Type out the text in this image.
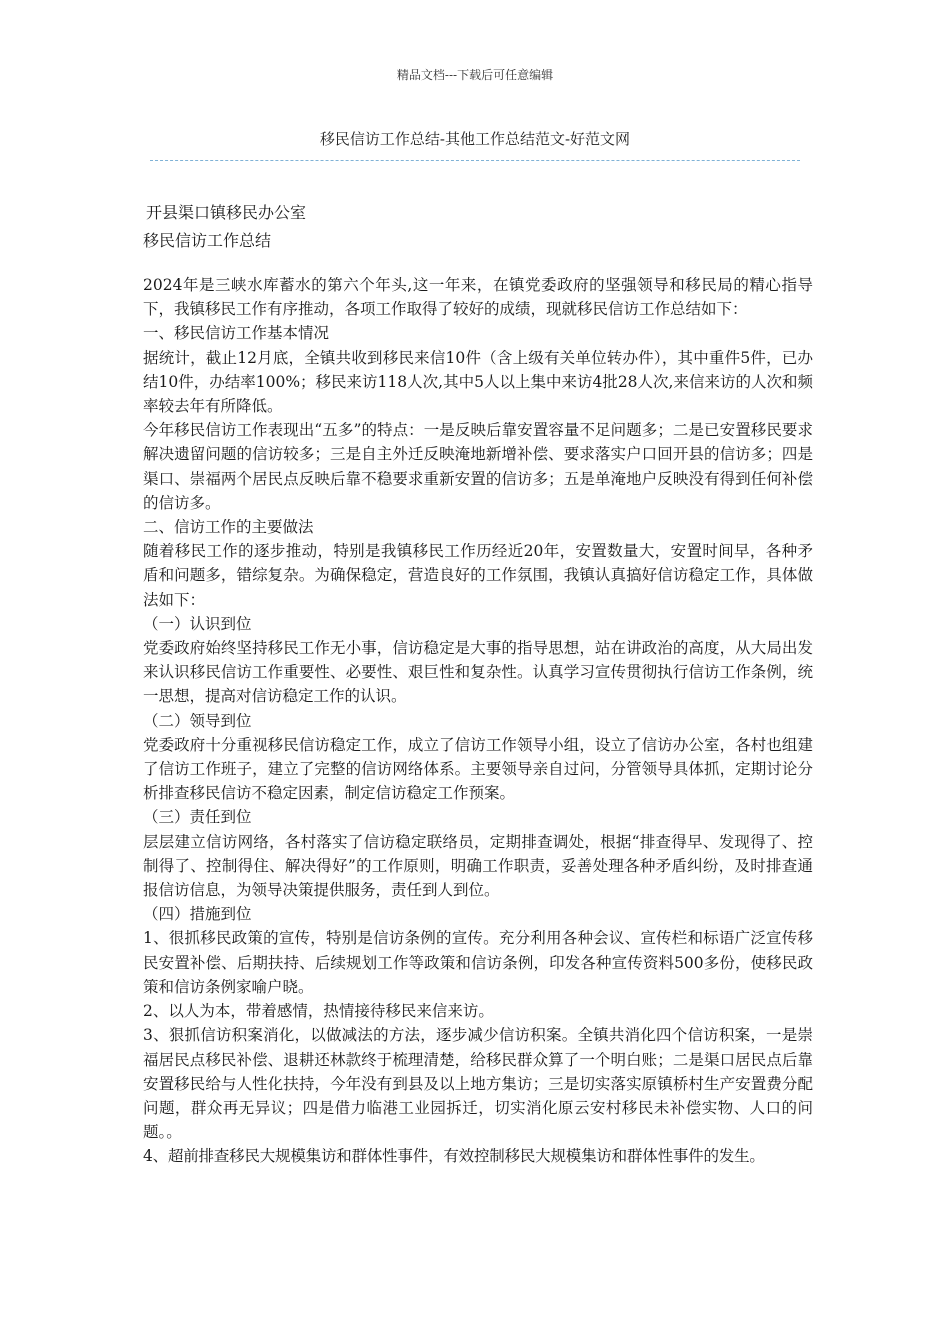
精品文档---下载后可任意编辑
移民信访工作总结-其他工作总结范文-好范文网
开县渠口镇移民办公室
移民信访工作总结

2024年是三峡水库蓄水的第六个年头,这一年来，在镇党委政府的坚强领导和移民局的精心指导下，我镇移民工作有序推动，各项工作取得了较好的成绩，现就移民信访工作总结如下：

一、移民信访工作基本情况

据统计，截止12月底，全镇共收到移民来信10件（含上级有关单位转办件），其中重件5件，已办结10件，办结率100%；移民来访118人次,其中5人以上集中来访4批28人次,来信来访的人次和频率较去年有所降低。

今年移民信访工作表现出“五多”的特点：一是反映后靠安置容量不足问题多；二是已安置移民要求解决遗留问题的信访较多；三是自主外迁反映淹地新增补偿、要求落实户口回开县的信访多；四是渠口、崇福两个居民点反映后靠不稳要求重新安置的信访多；五是单淹地户反映没有得到任何补偿的信访多。

二、信访工作的主要做法

随着移民工作的逐步推动，特别是我镇移民工作历经近20年，安置数量大，安置时间早，各种矛盾和问题多，错综复杂。为确保稳定，营造良好的工作氛围，我镇认真搞好信访稳定工作，具体做法如下：

（一）认识到位

党委政府始终坚持移民工作无小事，信访稳定是大事的指导思想，站在讲政治的高度，从大局出发来认识移民信访工作重要性、必要性、艰巨性和复杂性。认真学习宣传贯彻执行信访工作条例，统一思想，提高对信访稳定工作的认识。

（二）领导到位

党委政府十分重视移民信访稳定工作，成立了信访工作领导小组，设立了信访办公室，各村也组建了信访工作班子，建立了完整的信访网络体系。主要领导亲自过问，分管领导具体抓，定期讨论分析排查移民信访不稳定因素，制定信访稳定工作预案。

（三）责任到位

层层建立信访网络，各村落实了信访稳定联络员，定期排查调处，根据“排查得早、发现得了、控制得了、控制得住、解决得好”的工作原则，明确工作职责，妥善处理各种矛盾纠纷，及时排查通报信访信息，为领导决策提供服务，责任到人到位。

（四）措施到位

1、很抓移民政策的宣传，特别是信访条例的宣传。充分利用各种会议、宣传栏和标语广泛宣传移民安置补偿、后期扶持、后续规划工作等政策和信访条例，印发各种宣传资料500多份，使移民政策和信访条例家喻户晓。

2、以人为本，带着感情，热情接待移民来信来访。

3、狠抓信访积案消化，以做减法的方法，逐步减少信访积案。全镇共消化四个信访积案，一是崇福居民点移民补偿、退耕还林款终于梳理清楚，给移民群众算了一个明白账；二是渠口居民点后靠安置移民给与人性化扶持，今年没有到县及以上地方集访；三是切实落实原镇桥村生产安置费分配问题，群众再无异议；四是借力临港工业园拆迁，切实消化原云安村移民未补偿实物、人口的问题。。

4、超前排查移民大规模集访和群体性事件，有效控制移民大规模集访和群体性事件的发生。
